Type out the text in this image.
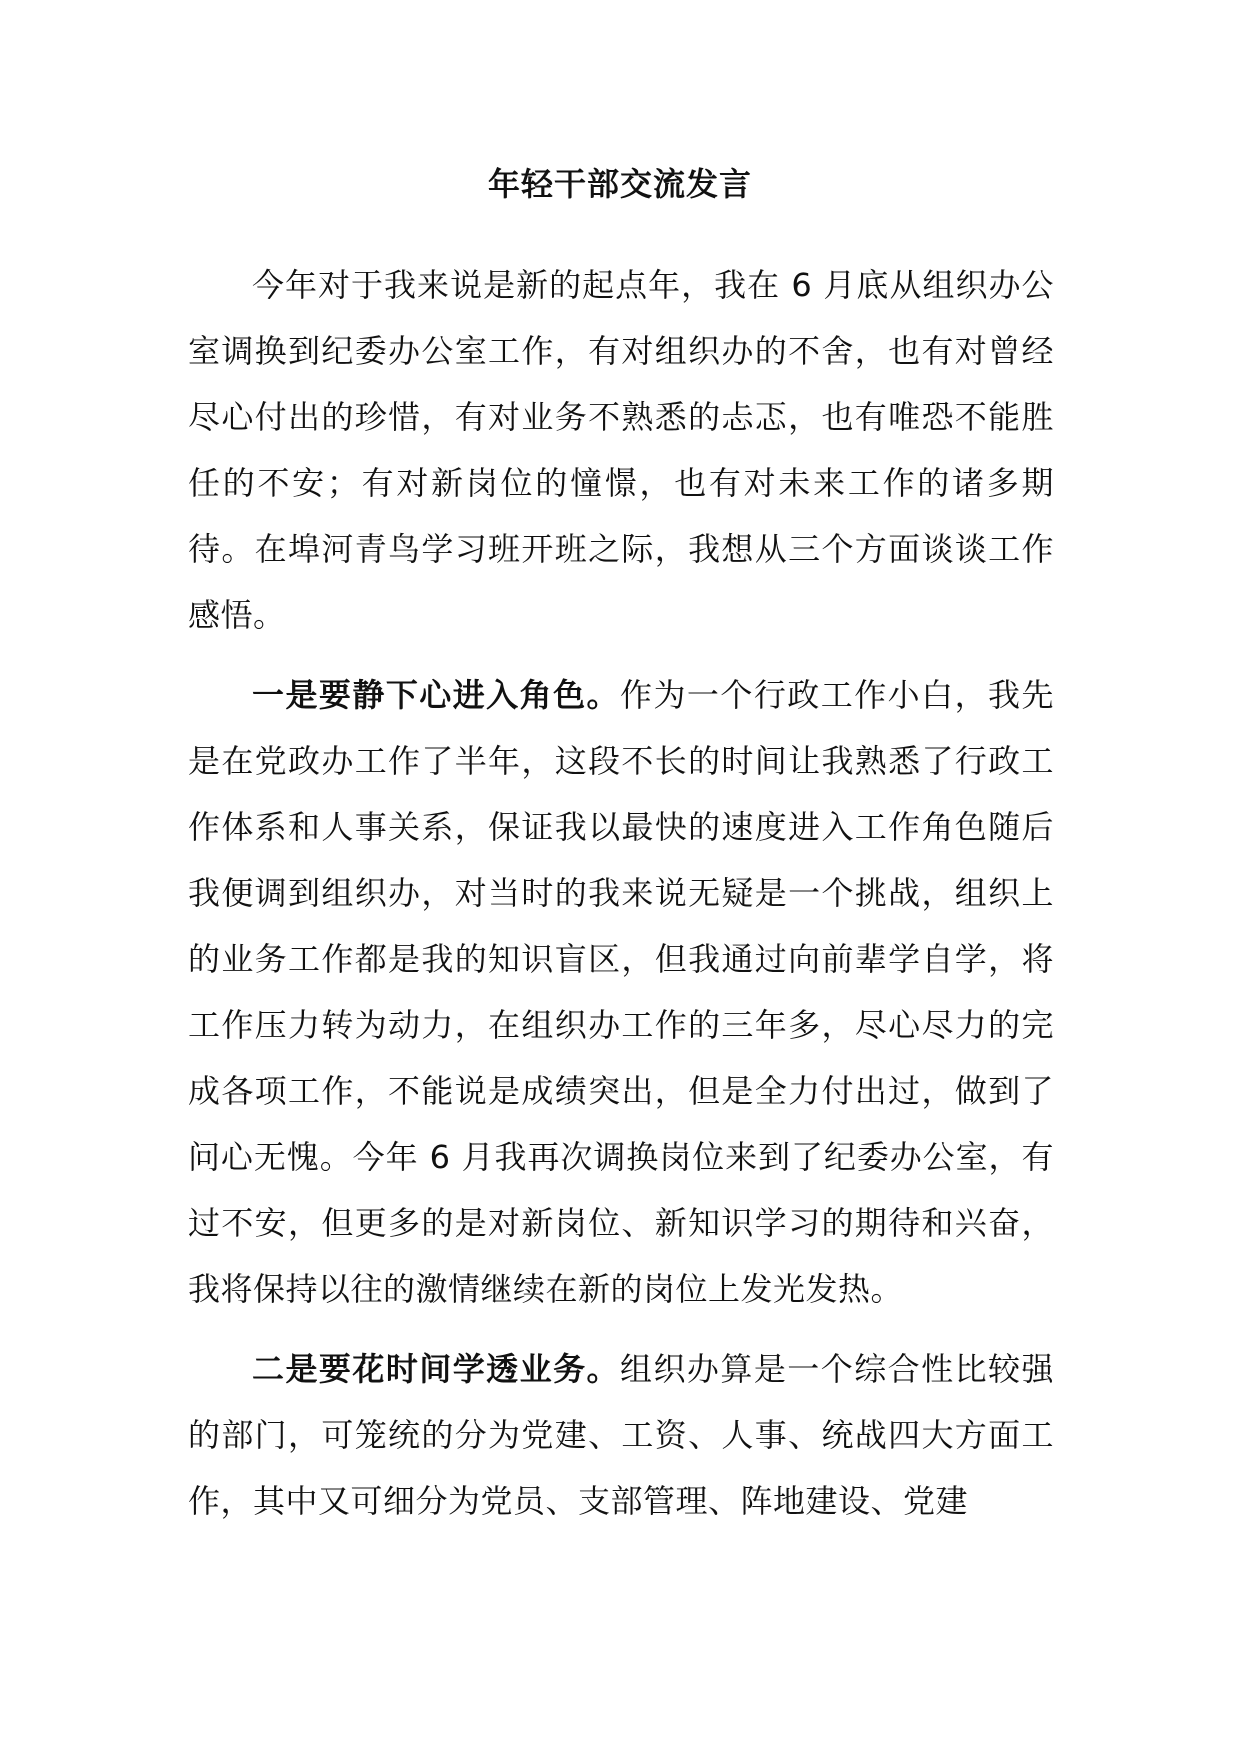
年轻干部交流发言

今年对于我来说是新的起点年，我在 6 月底从组织办公室调换到纪委办公室工作，有对组织办的不舍，也有对曾经尽心付出的珍惜，有对业务不熟悉的忐忑，也有唯恐不能胜任的不安；有对新岗位的憧憬，也有对未来工作的诸多期待。在埠河青鸟学习班开班之际，我想从三个方面谈谈工作感悟。

一是要静下心进入角色。作为一个行政工作小白，我先是在党政办工作了半年，这段不长的时间让我熟悉了行政工作体系和人事关系，保证我以最快的速度进入工作角色随后我便调到组织办，对当时的我来说无疑是一个挑战，组织上的业务工作都是我的知识盲区，但我通过向前辈学自学，将工作压力转为动力，在组织办工作的三年多，尽心尽力的完成各项工作，不能说是成绩突出，但是全力付出过，做到了问心无愧。今年 6 月我再次调换岗位来到了纪委办公室，有过不安，但更多的是对新岗位、新知识学习的期待和兴奋，我将保持以往的激情继续在新的岗位上发光发热。

二是要花时间学透业务。组织办算是一个综合性比较强的部门，可笼统的分为党建、工资、人事、统战四大方面工作，其中又可细分为党员、支部管理、阵地建设、党建
